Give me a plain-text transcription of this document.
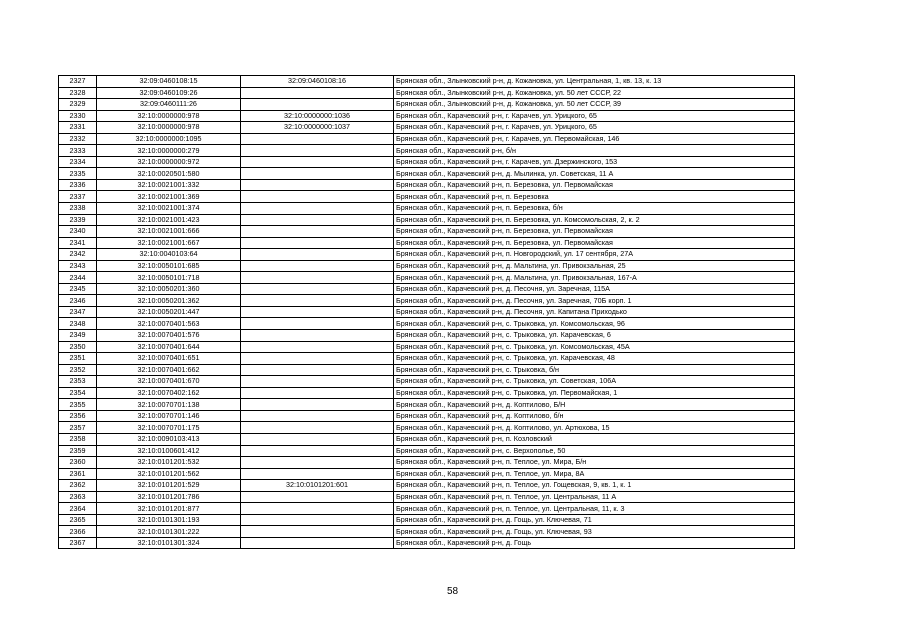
2327	32:09:0460108:15	32:09:0460108:16	Брянская обл., Злынковский р-н, д. Кожановка, ул. Центральная, 1, кв. 13, к. 13
2328	32:09:0460109:26		Брянская обл., Злынковский р-н, д. Кожановка, ул. 50 лет СССР, 22
2329	32:09:0460111:26		Брянская обл., Злынковский р-н, д. Кожановка, ул. 50 лет СССР, 39
2330	32:10:0000000:978	32:10:0000000:1036	Брянская обл., Карачевский р-н, г. Карачев, ул. Урицкого, 65
2331	32:10:0000000:978	32:10:0000000:1037	Брянская обл., Карачевский р-н, г. Карачев, ул. Урицкого, 65
2332	32:10:0000000:1095		Брянская обл., Карачевский р-н, г. Карачев, ул. Первомайская, 146
2333	32:10:0000000:279		Брянская обл., Карачевский р-н, б/н
2334	32:10:0000000:972		Брянская обл., Карачевский р-н, г. Карачев, ул. Дзержинского, 153
2335	32:10:0020501:580		Брянская обл., Карачевский р-н, д. Мылинка, ул. Советская, 11 А
2336	32:10:0021001:332		Брянская обл., Карачевский р-н, п. Березовка, ул. Первомайская
2337	32:10:0021001:369		Брянская обл., Карачевский р-н, п. Березовка
2338	32:10:0021001:374		Брянская обл., Карачевский р-н, п. Березовка, б/н
2339	32:10:0021001:423		Брянская обл., Карачевский р-н, п. Березовка, ул. Комсомольская, 2, к. 2
2340	32:10:0021001:666		Брянская обл., Карачевский р-н, п. Березовка, ул. Первомайская
2341	32:10:0021001:667		Брянская обл., Карачевский р-н, п. Березовка, ул. Первомайская
2342	32:10:0040103:64		Брянская обл., Карачевский р-н, п. Новгородский, ул. 17 сентября, 27А
2343	32:10:0050101:685		Брянская обл., Карачевский р-н, д. Мальтина, ул. Привокзальная, 25
2344	32:10:0050101:718		Брянская обл., Карачевский р-н, д. Мальтина, ул. Привокзальная, 167-А
2345	32:10:0050201:360		Брянская обл., Карачевский р-н, д. Песочня, ул. Заречная, 115А
2346	32:10:0050201:362		Брянская обл., Карачевский р-н, д. Песочня, ул. Заречная, 70Б корп. 1
2347	32:10:0050201:447		Брянская обл., Карачевский р-н, д. Песочня, ул. Капитана Приходько
2348	32:10:0070401:563		Брянская обл., Карачевский р-н, с. Трыковка, ул. Комсомольская, 96
2349	32:10:0070401:576		Брянская обл., Карачевский р-н, с. Трыковка, ул. Карачевская, 6
2350	32:10:0070401:644		Брянская обл., Карачевский р-н, с. Трыковка, ул. Комсомольская, 45А
2351	32:10:0070401:651		Брянская обл., Карачевский р-н, с. Трыковка, ул. Карачевская, 48
2352	32:10:0070401:662		Брянская обл., Карачевский р-н, с. Трыковка, б/н
2353	32:10:0070401:670		Брянская обл., Карачевский р-н, с. Трыковка, ул. Советская, 106А
2354	32:10:0070402:162		Брянская обл., Карачевский р-н, с. Трыковка, ул. Первомайская, 1
2355	32:10:0070701:138		Брянская обл., Карачевский р-н, д. Коптилово, Б/Н
2356	32:10:0070701:146		Брянская обл., Карачевский р-н, д. Коптилово, б/н
2357	32:10:0070701:175		Брянская обл., Карачевский р-н, д. Коптилово, ул. Артюхова, 15
2358	32:10:0090103:413		Брянская обл., Карачевский р-н, п. Козловский
2359	32:10:0100601:412		Брянская обл., Карачевский р-н, с. Верхополье, 50
2360	32:10:0101201:532		Брянская обл., Карачевский р-н, п. Теплое, ул. Мира, Б/н
2361	32:10:0101201:562		Брянская обл., Карачевский р-н, п. Теплое, ул. Мира, 8А
2362	32:10:0101201:529	32:10:0101201:601	Брянская обл., Карачевский р-н, п. Теплое, ул. Гощевская, 9, кв. 1, к. 1
2363	32:10:0101201:786		Брянская обл., Карачевский р-н, п. Теплое, ул. Центральная, 11 А
2364	32:10:0101201:877		Брянская обл., Карачевский р-н, п. Теплое, ул. Центральная, 11, к. 3
2365	32:10:0101301:193		Брянская обл., Карачевский р-н, д. Гощь, ул. Ключевая, 71
2366	32:10:0101301:222		Брянская обл., Карачевский р-н, д. Гощь, ул. Ключевая, 93
2367	32:10:0101301:324		Брянская обл., Карачевский р-н, д. Гощь
58
